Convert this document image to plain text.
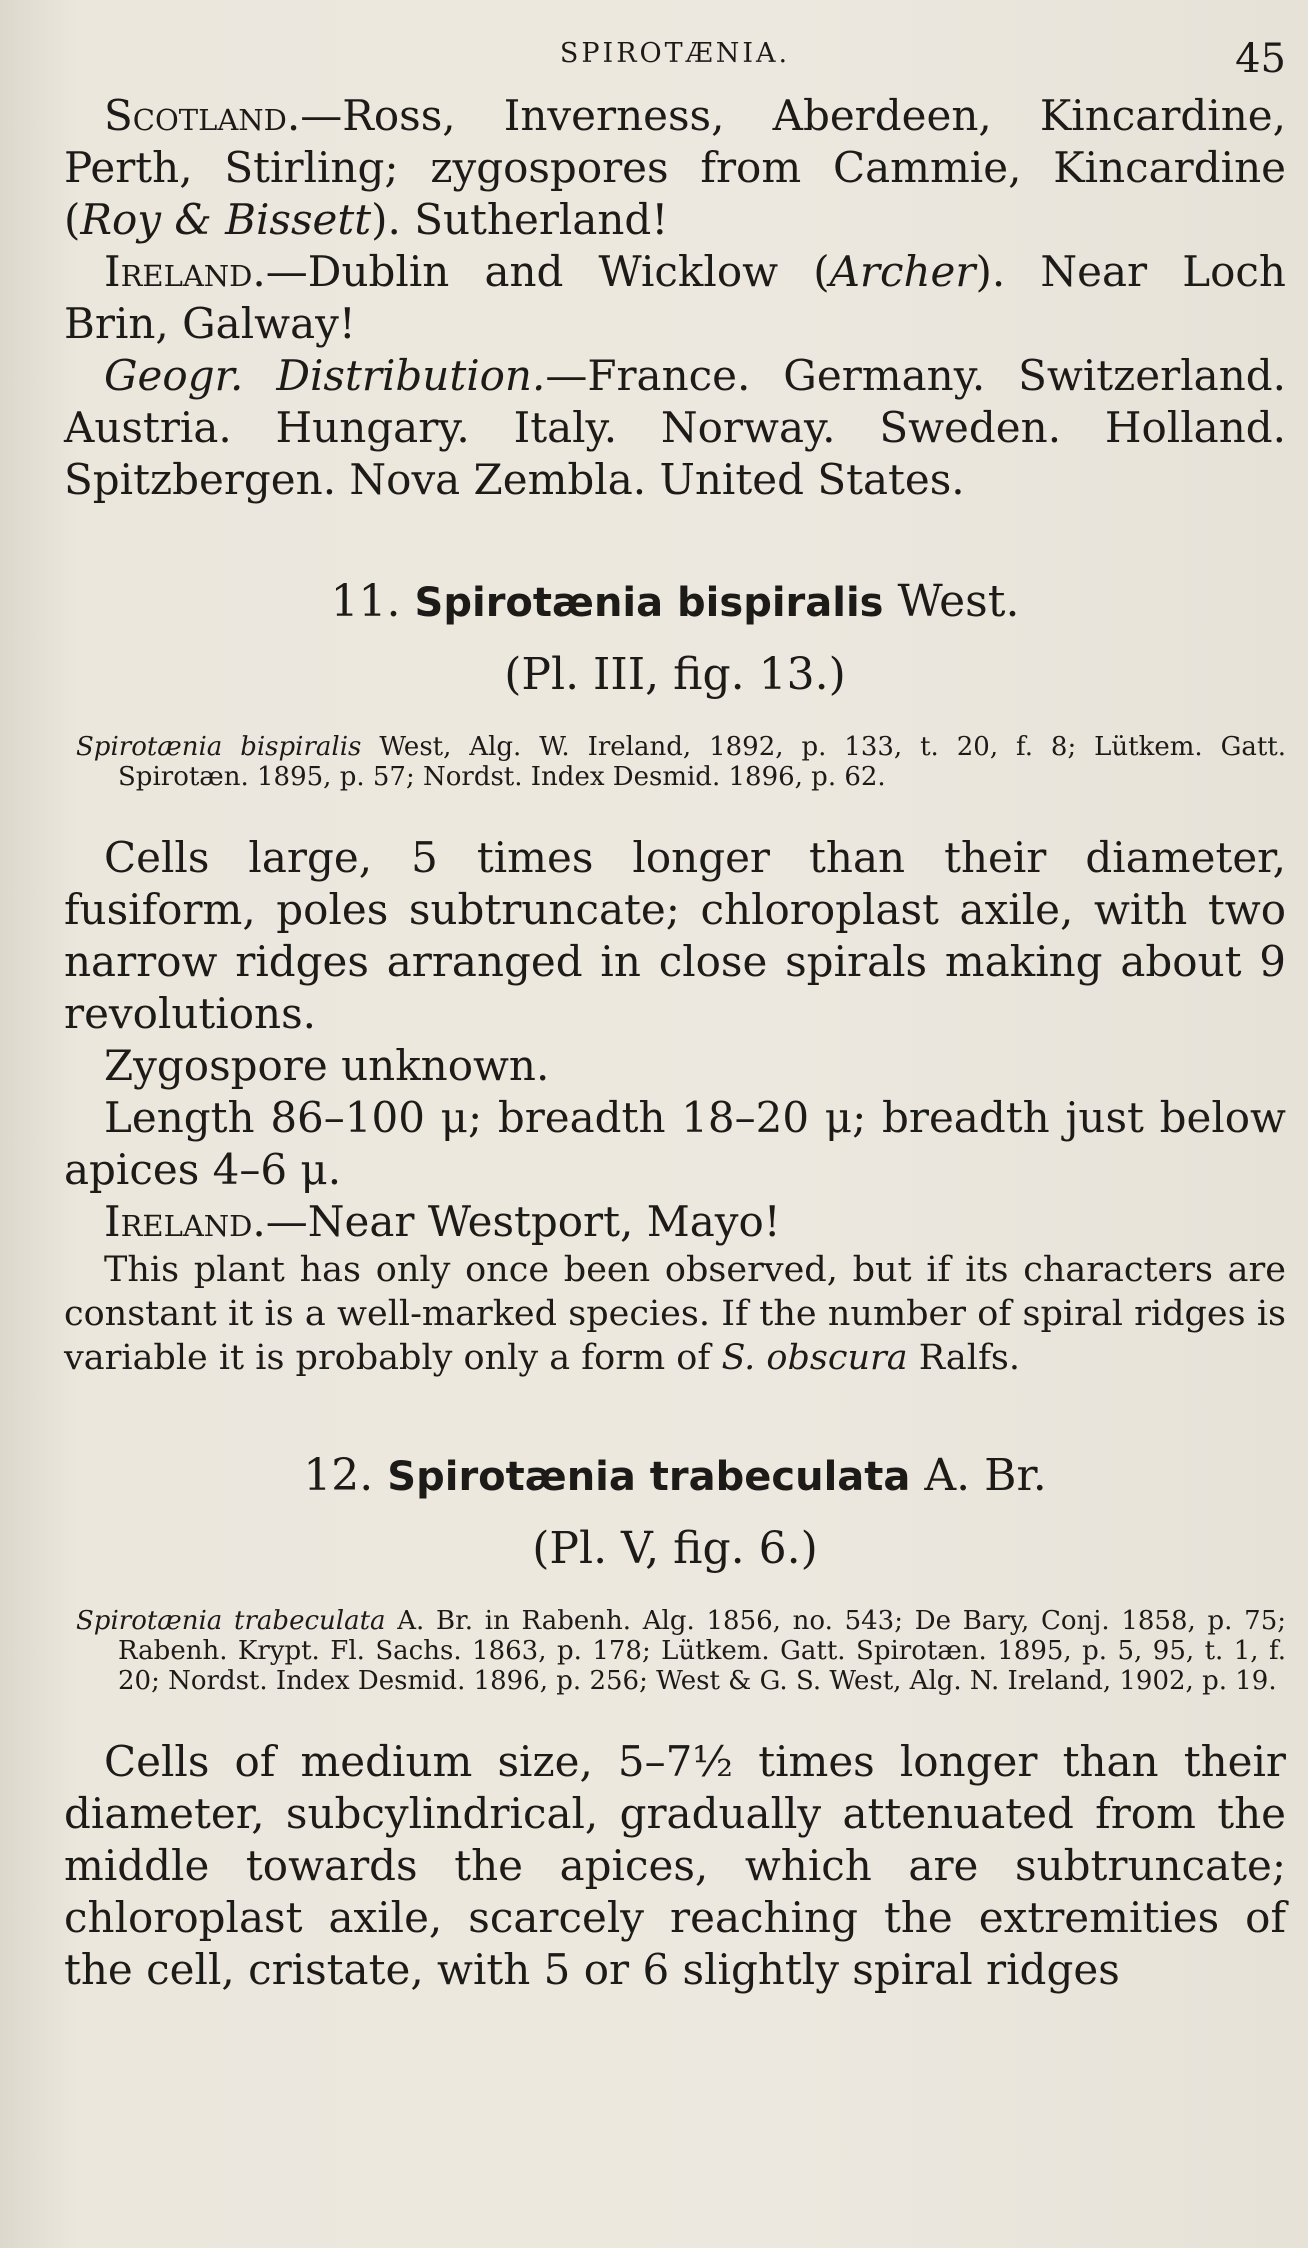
SPIROTÆNIA.	45

Scotland.—Ross, Inverness, Aberdeen, Kincardine, Perth, Stirling; zygospores from Cammie, Kincardine (Roy & Bissett). Sutherland!

Ireland.—Dublin and Wicklow (Archer). Near Loch Brin, Galway!

Geogr. Distribution.—France. Germany. Switzerland. Austria. Hungary. Italy. Norway. Sweden. Holland. Spitzbergen. Nova Zembla. United States.

11. Spirotænia bispiralis West.
(Pl. III, fig. 13.)

Spirotænia bispiralis West, Alg. W. Ireland, 1892, p. 133, t. 20, f. 8; Lütkem. Gatt. Spirotæn. 1895, p. 57; Nordst. Index Desmid. 1896, p. 62.

Cells large, 5 times longer than their diameter, fusiform, poles subtruncate; chloroplast axile, with two narrow ridges arranged in close spirals making about 9 revolutions.

Zygospore unknown.

Length 86–100 μ; breadth 18–20 μ; breadth just below apices 4–6 μ.

Ireland.—Near Westport, Mayo!

This plant has only once been observed, but if its characters are constant it is a well-marked species. If the number of spiral ridges is variable it is probably only a form of S. obscura Ralfs.

12. Spirotænia trabeculata A. Br.
(Pl. V, fig. 6.)

Spirotænia trabeculata A. Br. in Rabenh. Alg. 1856, no. 543; De Bary, Conj. 1858, p. 75; Rabenh. Krypt. Fl. Sachs. 1863, p. 178; Lütkem. Gatt. Spirotæn. 1895, p. 5, 95, t. 1, f. 20; Nordst. Index Desmid. 1896, p. 256; West & G. S. West, Alg. N. Ireland, 1902, p. 19.

Cells of medium size, 5–7½ times longer than their diameter, subcylindrical, gradually attenuated from the middle towards the apices, which are subtruncate; chloroplast axile, scarcely reaching the extremities of the cell, cristate, with 5 or 6 slightly spiral ridges
